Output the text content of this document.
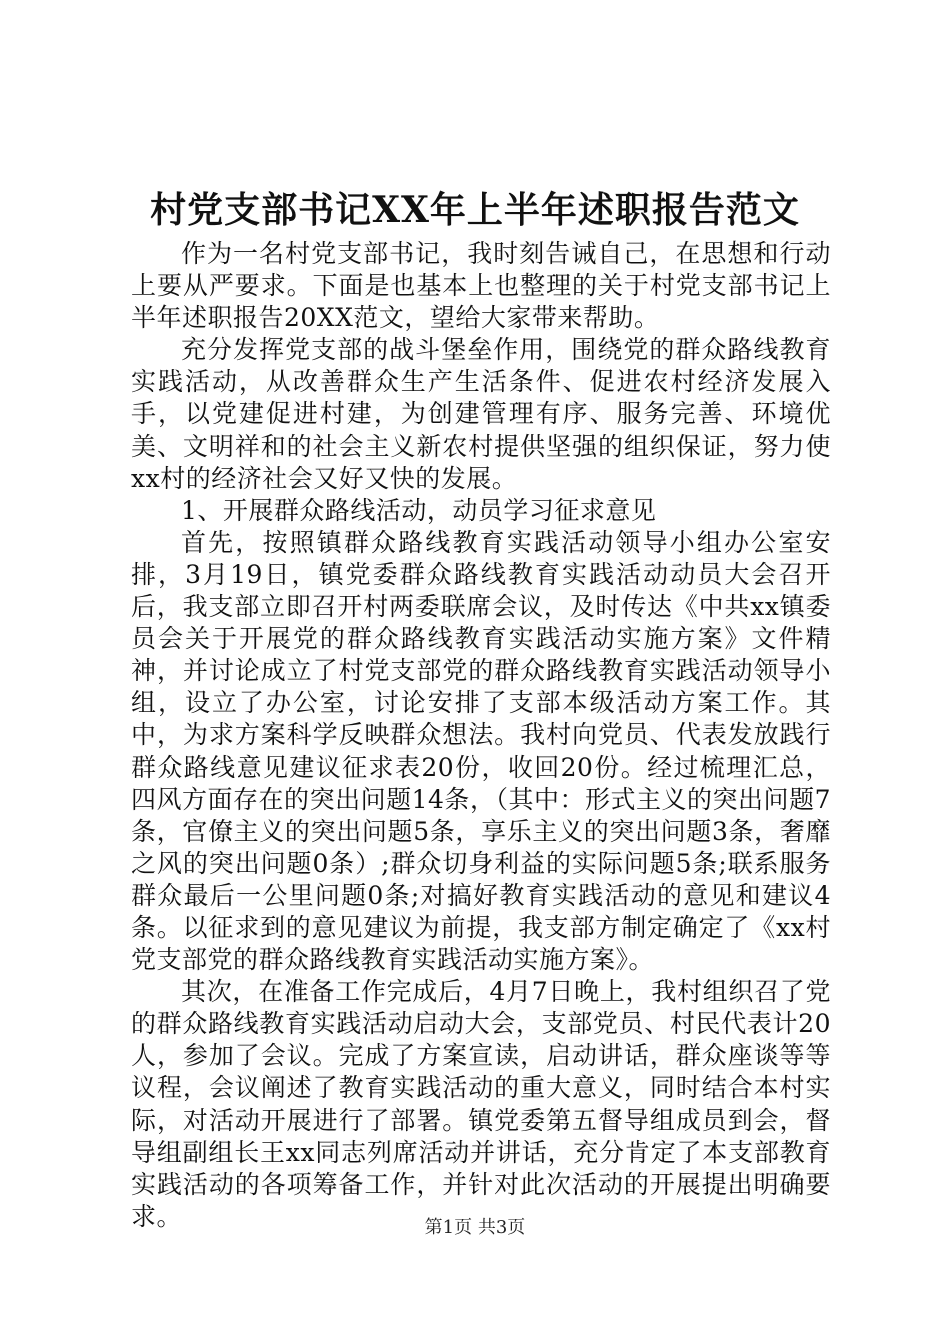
村党支部书记XX年上半年述职报告范文

作为一名村党支部书记，我时刻告诫自己，在思想和行动上要从严要求。下面是也基本上也整理的关于村党支部书记上半年述职报告20XX范文，望给大家带来帮助。

充分发挥党支部的战斗堡垒作用，围绕党的群众路线教育实践活动，从改善群众生产生活条件、促进农村经济发展入手，以党建促进村建，为创建管理有序、服务完善、环境优美、文明祥和的社会主义新农村提供坚强的组织保证，努力使xx村的经济社会又好又快的发展。

1、开展群众路线活动，动员学习征求意见

首先，按照镇群众路线教育实践活动领导小组办公室安排，3月19日，镇党委群众路线教育实践活动动员大会召开后，我支部立即召开村两委联席会议，及时传达《中共xx镇委员会关于开展党的群众路线教育实践活动实施方案》文件精神，并讨论成立了村党支部党的群众路线教育实践活动领导小组，设立了办公室，讨论安排了支部本级活动方案工作。其中，为求方案科学反映群众想法。我村向党员、代表发放践行群众路线意见建议征求表20份，收回20份。经过梳理汇总，四风方面存在的突出问题14条，（其中：形式主义的突出问题7条，官僚主义的突出问题5条，享乐主义的突出问题3条，奢靡之风的突出问题0条）;群众切身利益的实际问题5条;联系服务群众最后一公里问题0条;对搞好教育实践活动的意见和建议4条。以征求到的意见建议为前提，我支部方制定确定了《xx村党支部党的群众路线教育实践活动实施方案》。

其次，在准备工作完成后，4月7日晚上，我村组织召了党的群众路线教育实践活动启动大会，支部党员、村民代表计20人，参加了会议。完成了方案宣读，启动讲话，群众座谈等等议程，会议阐述了教育实践活动的重大意义，同时结合本村实际，对活动开展进行了部署。镇党委第五督导组成员到会，督导组副组长王xx同志列席活动并讲话，充分肯定了本支部教育实践活动的各项筹备工作，并针对此次活动的开展提出明确要求。	第1页 共3页
